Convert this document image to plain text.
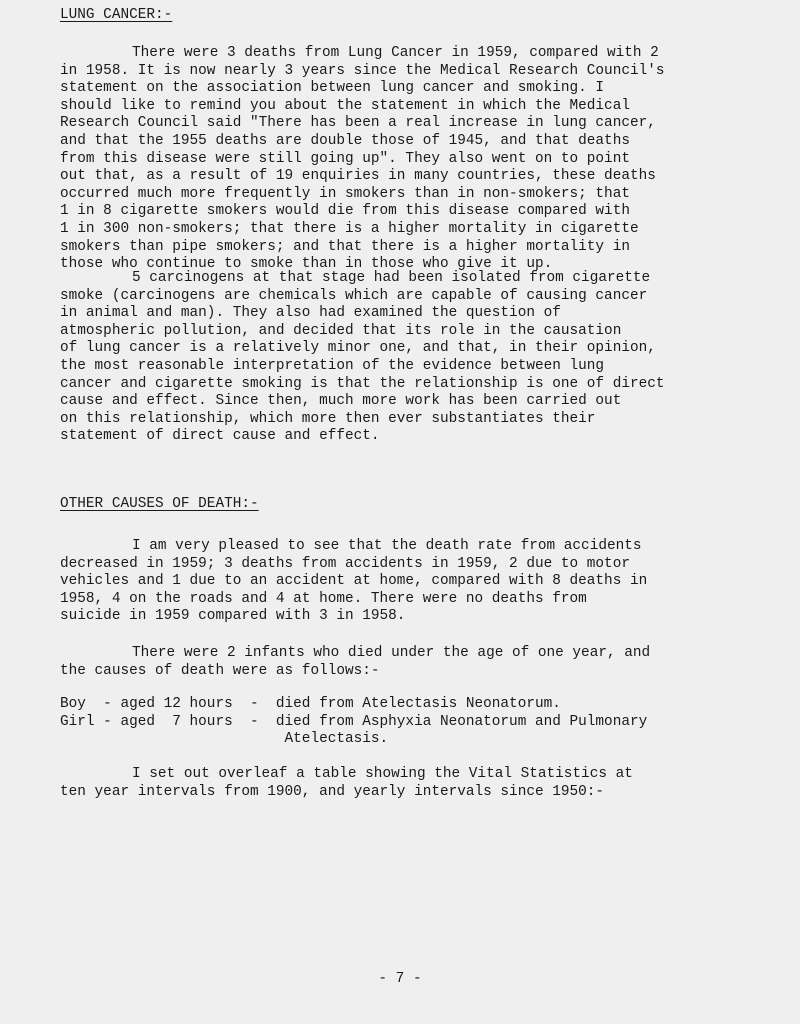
LUNG CANCER:-
There were 3 deaths from Lung Cancer in 1959, compared with 2
in 1958. It is now nearly 3 years since the Medical Research Council's
statement on the association between lung cancer and smoking. I
should like to remind you about the statement in which the Medical
Research Council said "There has been a real increase in lung cancer,
and that the 1955 deaths are double those of 1945, and that deaths
from this disease were still going up". They also went on to point
out that, as a result of 19 enquiries in many countries, these deaths
occurred much more frequently in smokers than in non-smokers; that
1 in 8 cigarette smokers would die from this disease compared with
1 in 300 non-smokers; that there is a higher mortality in cigarette
smokers than pipe smokers; and that there is a higher mortality in
those who continue to smoke than in those who give it up.
5 carcinogens at that stage had been isolated from cigarette
smoke (carcinogens are chemicals which are capable of causing cancer
in animal and man). They also had examined the question of
atmospheric pollution, and decided that its role in the causation
of lung cancer is a relatively minor one, and that, in their opinion,
the most reasonable interpretation of the evidence between lung
cancer and cigarette smoking is that the relationship is one of direct
cause and effect. Since then, much more work has been carried out
on this relationship, which more then ever substantiates their
statement of direct cause and effect.
OTHER CAUSES OF DEATH:-
I am very pleased to see that the death rate from accidents
decreased in 1959; 3 deaths from accidents in 1959, 2 due to motor
vehicles and 1 due to an accident at home, compared with 8 deaths in
1958, 4 on the roads and 4 at home. There were no deaths from
suicide in 1959 compared with 3 in 1958.
There were 2 infants who died under the age of one year, and
the causes of death were as follows:-
Boy  - aged 12 hours  -  died from Atelectasis Neonatorum.
Girl - aged  7 hours  -  died from Asphyxia Neonatorum and Pulmonary
Atelectasis.
I set out overleaf a table showing the Vital Statistics at
ten year intervals from 1900, and yearly intervals since 1950:-
- 7 -
